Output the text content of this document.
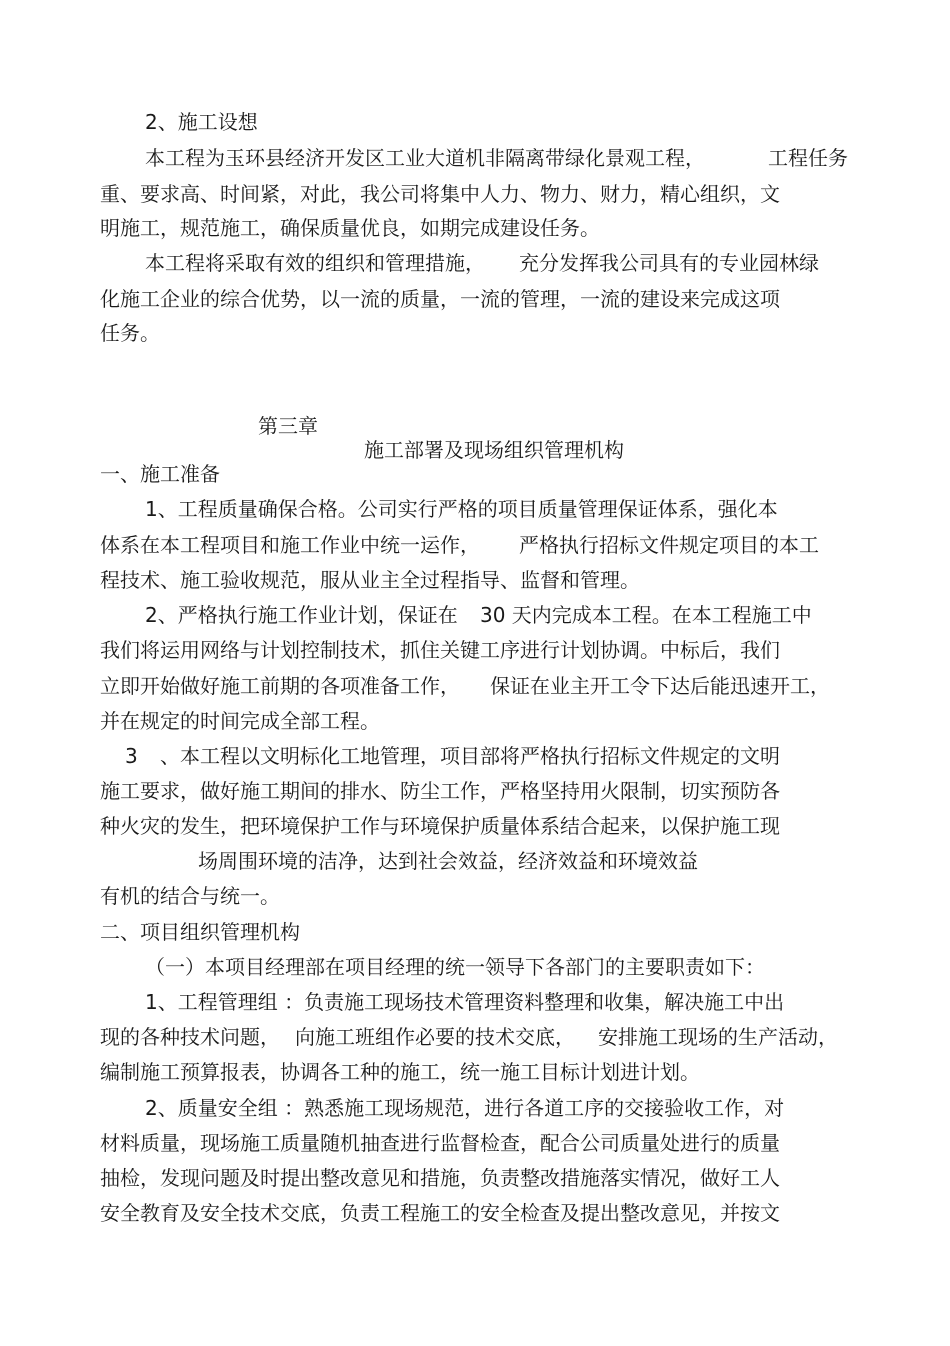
2、施工设想
本工程为玉环县经济开发区工业大道机非隔离带绿化景观工程，	工程任务
重、要求高、时间紧，对此，我公司将集中人力、物力、财力，精心组织，文
明施工，规范施工，确保质量优良，如期完成建设任务。
本工程将采取有效的组织和管理措施， 充分发挥我公司具有的专业园林绿
化施工企业的综合优势，以一流的质量，一流的管理，一流的建设来完成这项
任务。

第三章

施工部署及现场组织管理机构

一、施工准备
1、工程质量确保合格。公司实行严格的项目质量管理保证体系，强化本
体系在本工程项目和施工作业中统一运作， 严格执行招标文件规定项目的本工
程技术、施工验收规范，服从业主全过程指导、监督和管理。
2、严格执行施工作业计划，保证在 30 天内完成本工程。在本工程施工中
我们将运用网络与计划控制技术，抓住关键工序进行计划协调。中标后，我们
立即开始做好施工前期的各项准备工作， 保证在业主开工令下达后能迅速开工，
并在规定的时间完成全部工程。
3 、本工程以文明标化工地管理，项目部将严格执行招标文件规定的文明
施工要求，做好施工期间的排水、防尘工作，严格坚持用火限制，切实预防各
种火灾的发生，把环境保护工作与环境保护质量体系结合起来，以保护施工现
场周围环境的洁净，达到社会效益，经济效益和环境效益
有机的结合与统一。
二、项目组织管理机构
（一）本项目经理部在项目经理的统一领导下各部门的主要职责如下：
1、工程管理组 ：负责施工现场技术管理资料整理和收集，解决施工中出
现的各种技术问题， 向施工班组作必要的技术交底， 安排施工现场的生产活动，
编制施工预算报表，协调各工种的施工，统一施工目标计划进计划。
2、质量安全组 ：熟悉施工现场规范，进行各道工序的交接验收工作，对
材料质量，现场施工质量随机抽查进行监督检查，配合公司质量处进行的质量
抽检，发现问题及时提出整改意见和措施，负责整改措施落实情况，做好工人
安全教育及安全技术交底，负责工程施工的安全检查及提出整改意见，并按文
